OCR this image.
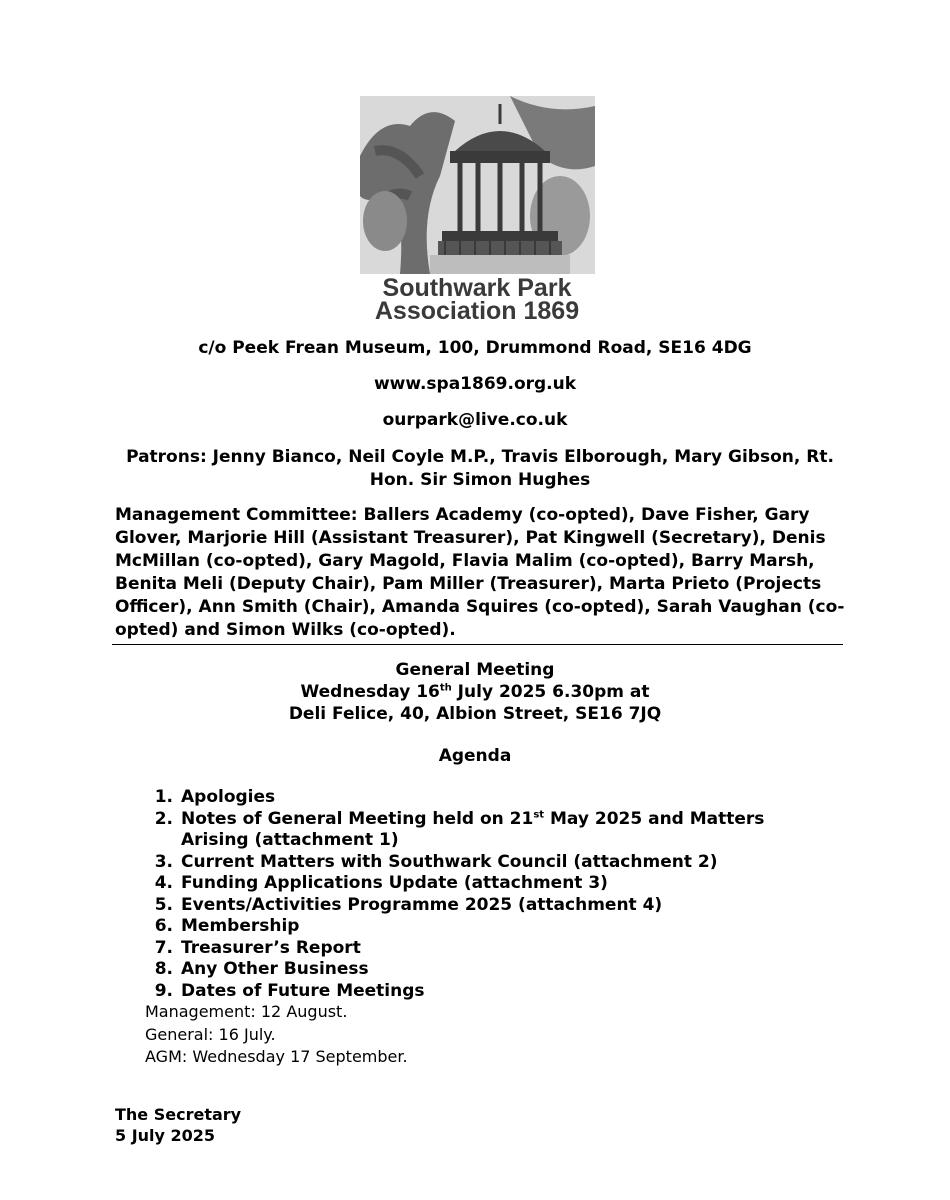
Southwark Park
Association 1869
c/o Peek Frean Museum, 100, Drummond Road, SE16 4DG
www.spa1869.org.uk
ourpark@live.co.uk
Patrons: Jenny Bianco, Neil Coyle M.P., Travis Elborough, Mary Gibson, Rt. Hon. Sir Simon Hughes
Management Committee: Ballers Academy (co-opted), Dave Fisher, Gary Glover, Marjorie Hill (Assistant Treasurer), Pat Kingwell (Secretary), Denis McMillan (co-opted), Gary Magold, Flavia Malim (co-opted), Barry Marsh, Benita Meli (Deputy Chair), Pam Miller (Treasurer), Marta Prieto (Projects Officer), Ann Smith (Chair), Amanda Squires (co-opted), Sarah Vaughan (co-opted) and Simon Wilks (co-opted).
General Meeting
Wednesday 16th July 2025 6.30pm at
Deli Felice, 40, Albion Street, SE16 7JQ
Agenda
1. Apologies
2. Notes of General Meeting held on 21st May 2025 and Matters
Arising (attachment 1)
3. Current Matters with Southwark Council (attachment 2)
4. Funding Applications Update (attachment 3)
5. Events/Activities Programme 2025 (attachment 4)
6. Membership
7. Treasurer’s Report
8. Any Other Business
9. Dates of Future Meetings
Management: 12 August.
General: 16 July.
AGM: Wednesday 17 September.
The Secretary
5 July 2025
